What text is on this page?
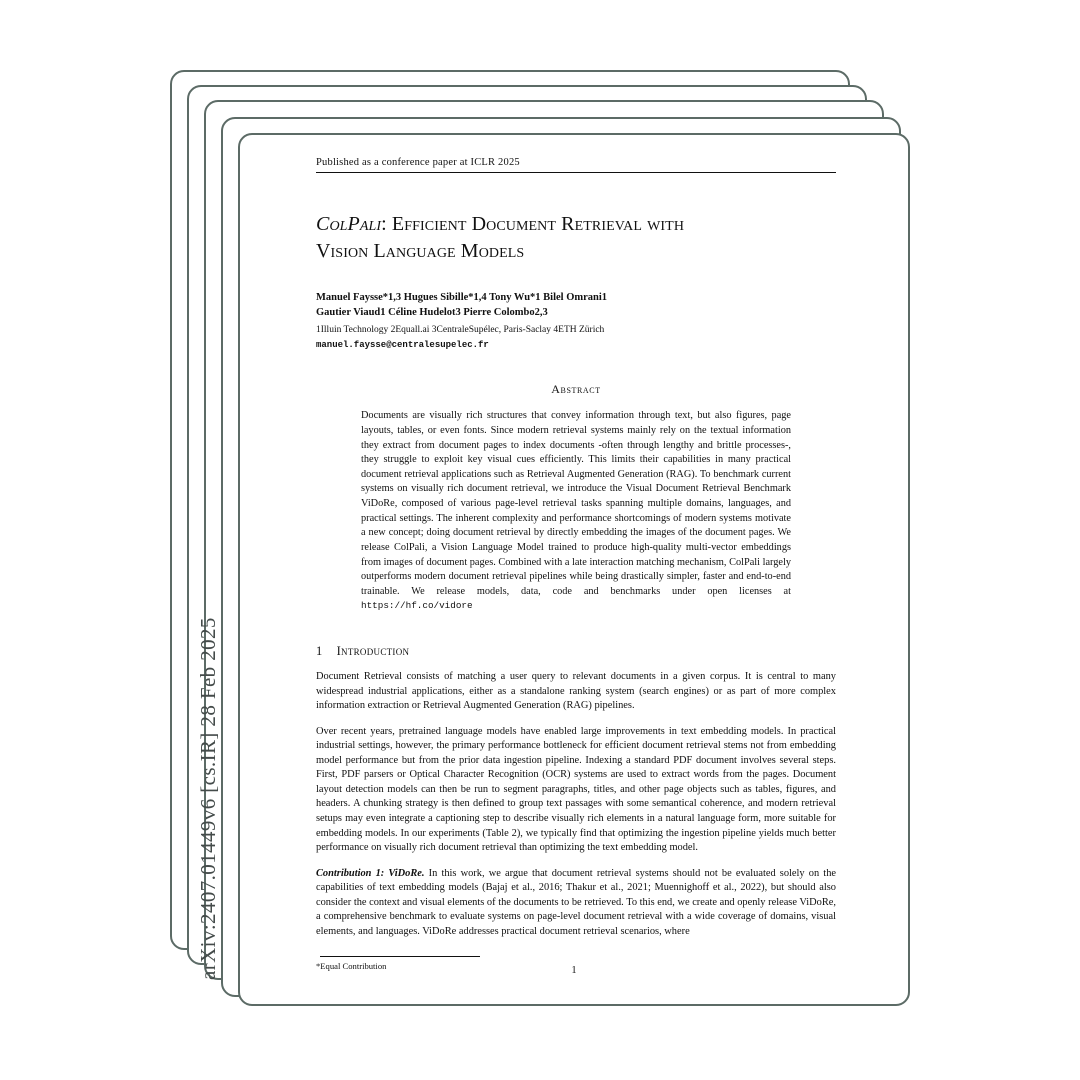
arXiv:2407.01449v6 [cs.IR] 28 Feb 2025
Published as a conference paper at ICLR 2025
ColPali: Efficient Document Retrieval with
Vision Language Models
Manuel Faysse*1,3 Hugues Sibille*1,4 Tony Wu*1 Bilel Omrani1
Gautier Viaud1 Céline Hudelot3 Pierre Colombo2,3
1Illuin Technology 2Equall.ai 3CentraleSupélec, Paris-Saclay 4ETH Zürich
manuel.faysse@centralesupelec.fr
Abstract
Documents are visually rich structures that convey information through text, but also figures, page layouts, tables, or even fonts. Since modern retrieval systems mainly rely on the textual information they extract from document pages to index documents -often through lengthy and brittle processes-, they struggle to exploit key visual cues efficiently. This limits their capabilities in many practical document retrieval applications such as Retrieval Augmented Generation (RAG). To benchmark current systems on visually rich document retrieval, we introduce the Visual Document Retrieval Benchmark ViDoRe, composed of various page-level retrieval tasks spanning multiple domains, languages, and practical settings. The inherent complexity and performance shortcomings of modern systems motivate a new concept; doing document retrieval by directly embedding the images of the document pages. We release ColPali, a Vision Language Model trained to produce high-quality multi-vector embeddings from images of document pages. Combined with a late interaction matching mechanism, ColPali largely outperforms modern document retrieval pipelines while being drastically simpler, faster and end-to-end trainable. We release models, data, code and benchmarks under open licenses at https://hf.co/vidore
1 Introduction
Document Retrieval consists of matching a user query to relevant documents in a given corpus. It is central to many widespread industrial applications, either as a standalone ranking system (search engines) or as part of more complex information extraction or Retrieval Augmented Generation (RAG) pipelines.
Over recent years, pretrained language models have enabled large improvements in text embedding models. In practical industrial settings, however, the primary performance bottleneck for efficient document retrieval stems not from embedding model performance but from the prior data ingestion pipeline. Indexing a standard PDF document involves several steps. First, PDF parsers or Optical Character Recognition (OCR) systems are used to extract words from the pages. Document layout detection models can then be run to segment paragraphs, titles, and other page objects such as tables, figures, and headers. A chunking strategy is then defined to group text passages with some semantical coherence, and modern retrieval setups may even integrate a captioning step to describe visually rich elements in a natural language form, more suitable for embedding models. In our experiments (Table 2), we typically find that optimizing the ingestion pipeline yields much better performance on visually rich document retrieval than optimizing the text embedding model.
Contribution 1: ViDoRe. In this work, we argue that document retrieval systems should not be evaluated solely on the capabilities of text embedding models (Bajaj et al., 2016; Thakur et al., 2021; Muennighoff et al., 2022), but should also consider the context and visual elements of the documents to be retrieved. To this end, we create and openly release ViDoRe, a comprehensive benchmark to evaluate systems on page-level document retrieval with a wide coverage of domains, visual elements, and languages. ViDoRe addresses practical document retrieval scenarios, where
*Equal Contribution	1
